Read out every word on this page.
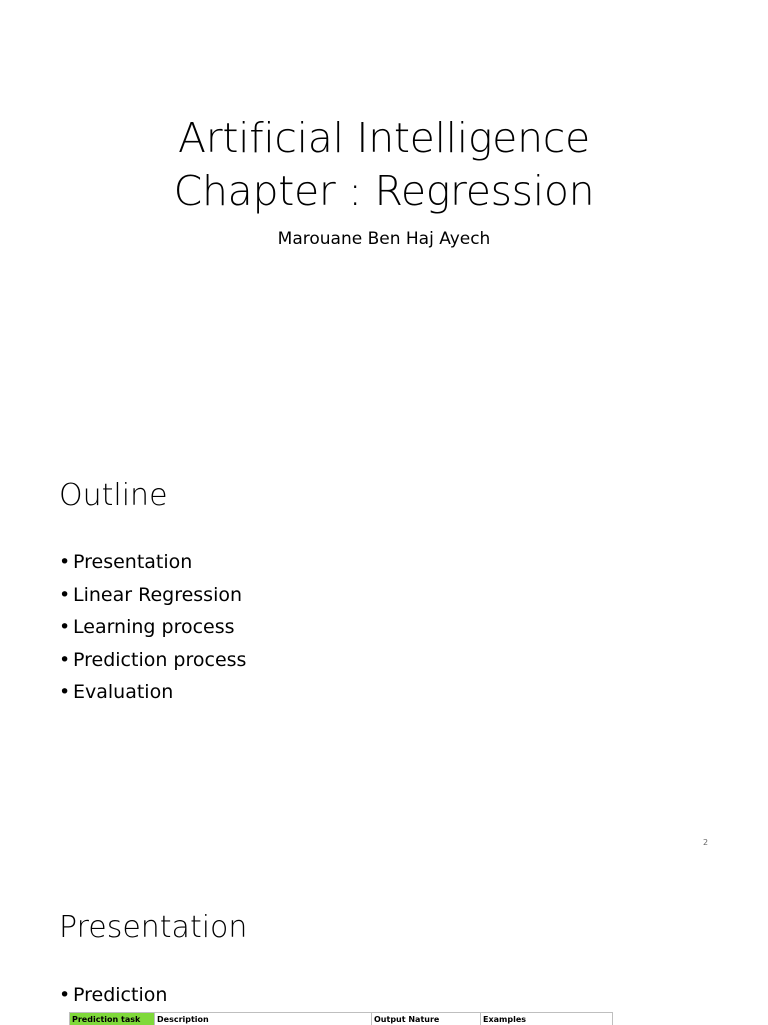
Artificial Intelligence
Chapter : Regression
Marouane Ben Haj Ayech
Outline
• Presentation
• Linear Regression
• Learning process
• Prediction process
• Evaluation
2
Presentation
• Prediction
Prediction task	Description	Output Nature	Examples
